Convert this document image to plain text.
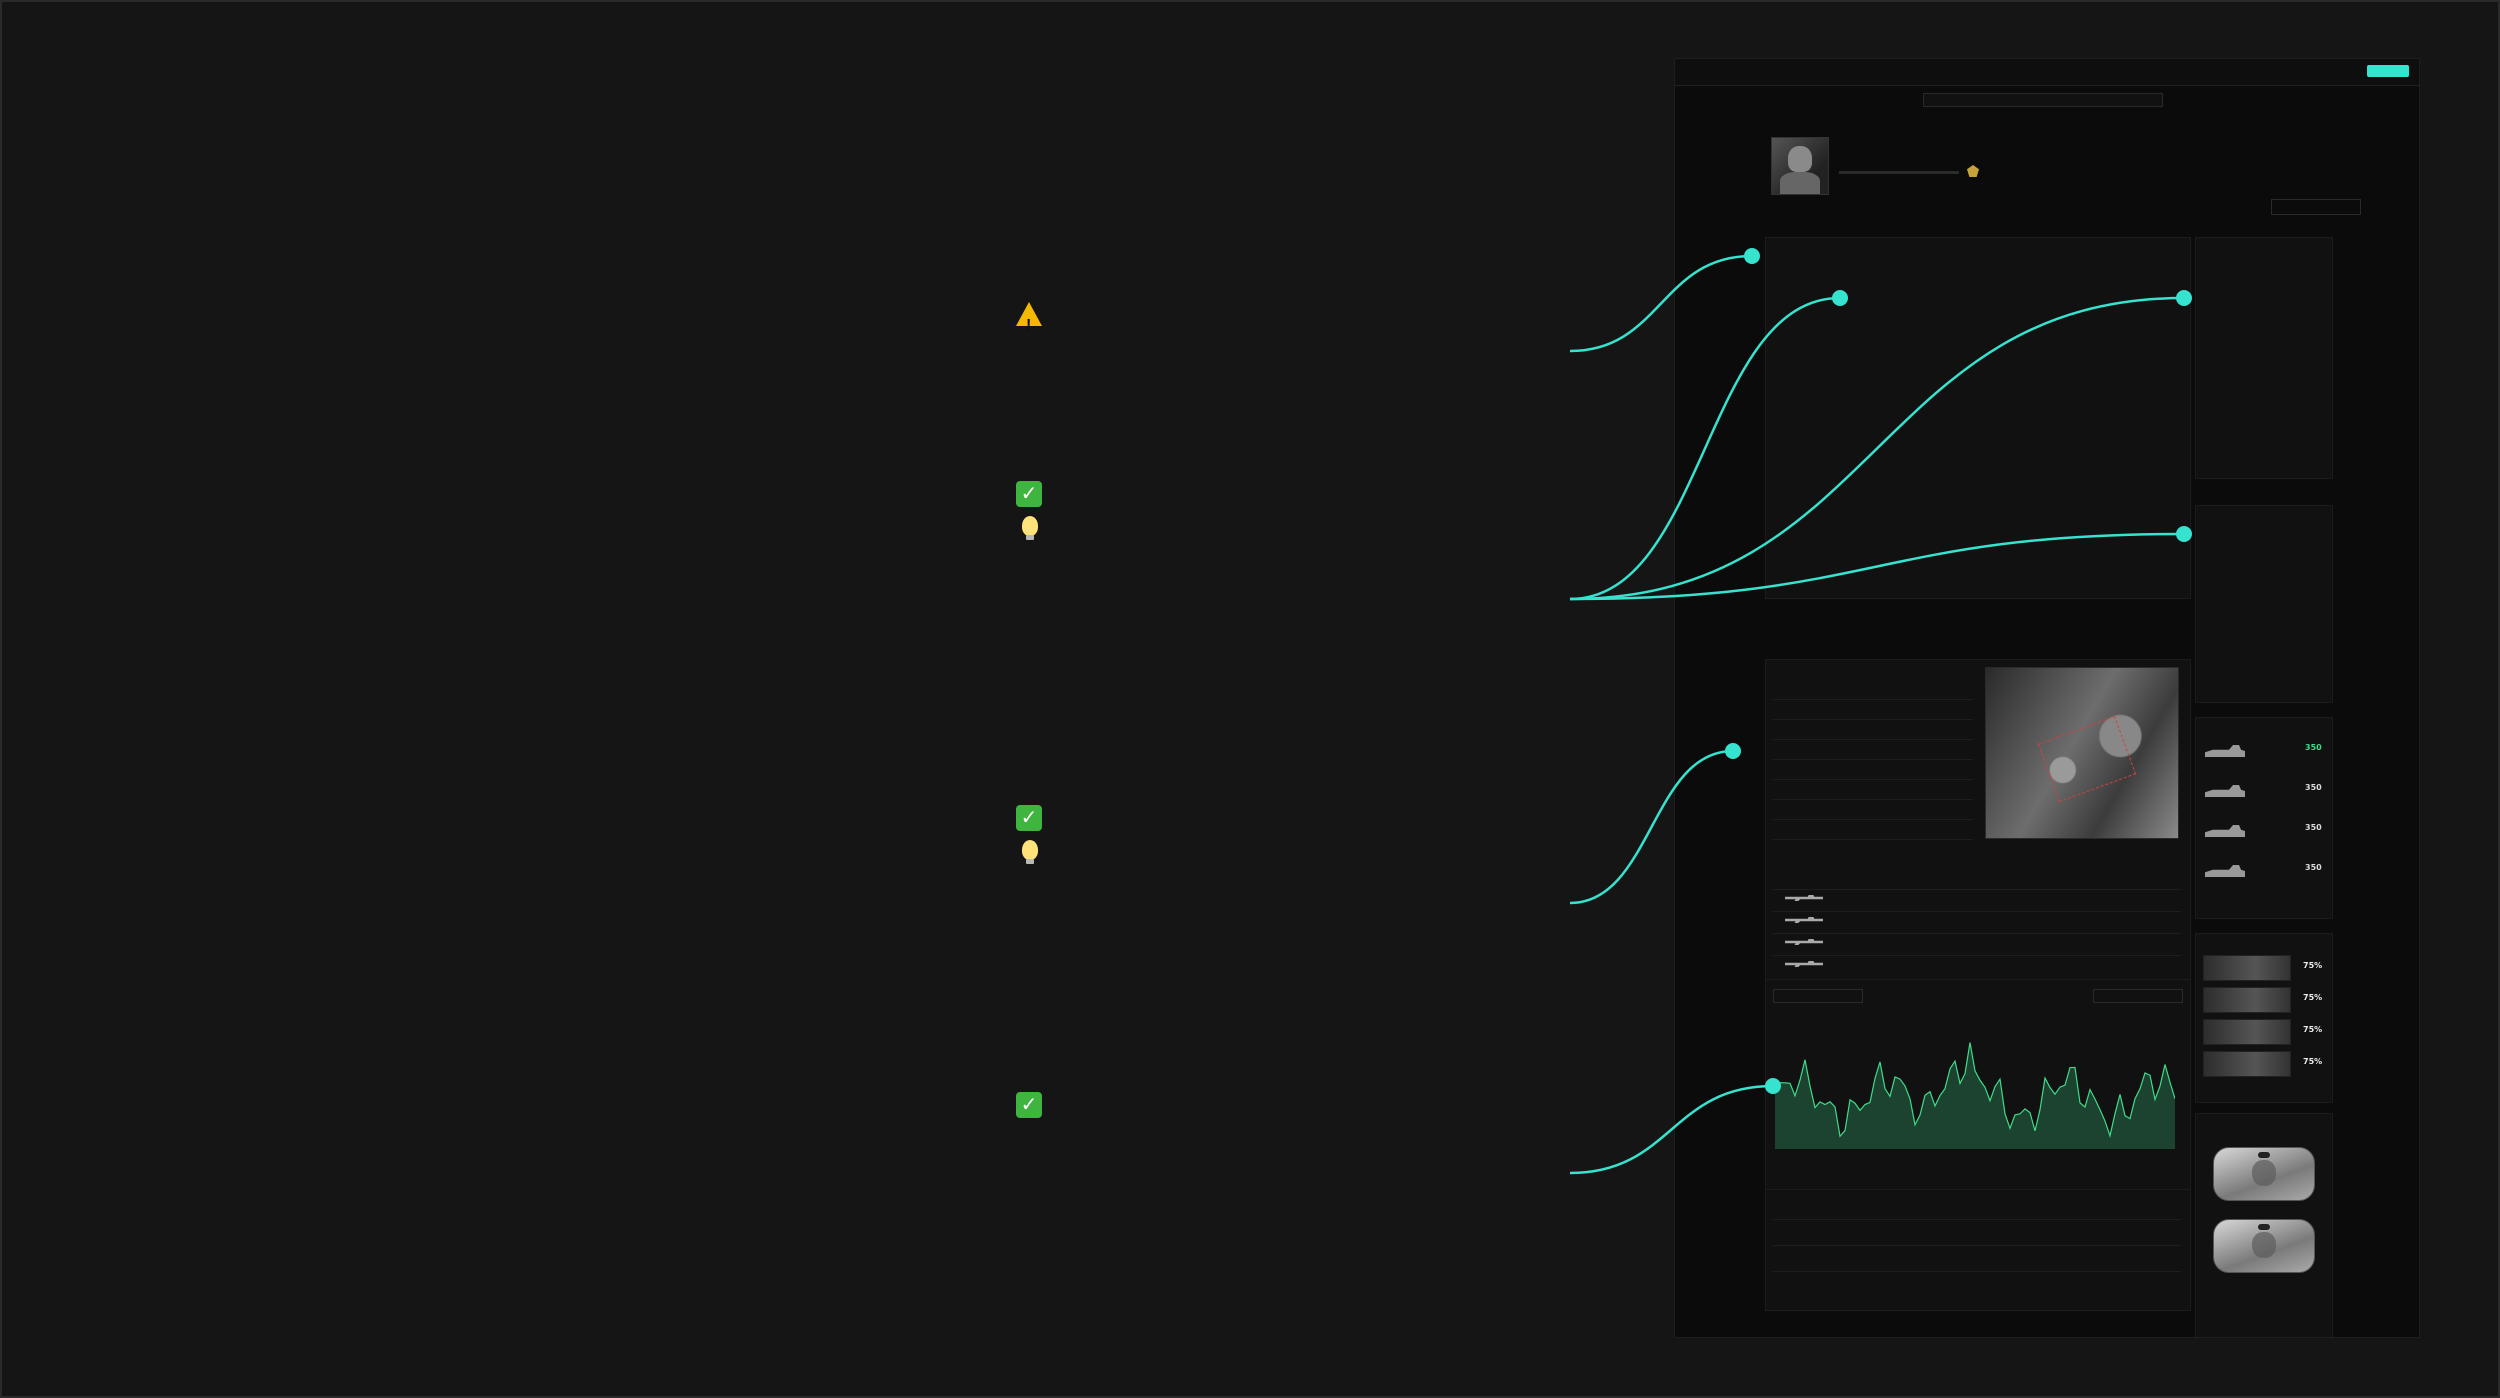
!

✓

✓

✓

350
350
350
350
75%
75%
75%
75%
